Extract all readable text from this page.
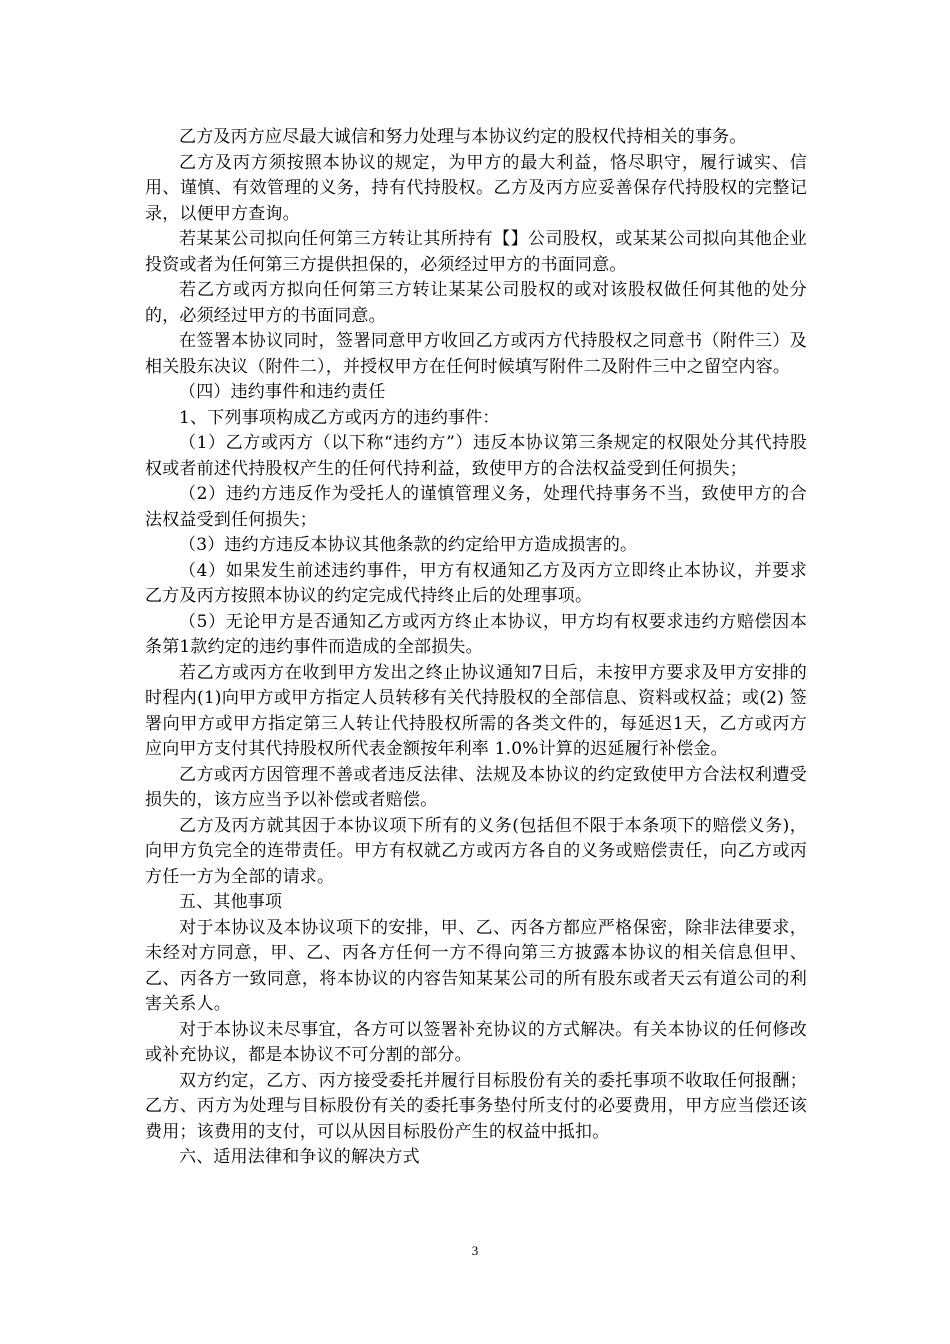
乙方及丙方应尽最大诚信和努力处理与本协议约定的股权代持相关的事务。

乙方及丙方须按照本协议的规定，为甲方的最大利益，恪尽职守，履行诚实、信用、谨慎、有效管理的义务，持有代持股权。乙方及丙方应妥善保存代持股权的完整记录，以便甲方查询。

若某某公司拟向任何第三方转让其所持有【】公司股权，或某某公司拟向其他企业投资或者为任何第三方提供担保的，必须经过甲方的书面同意。

若乙方或丙方拟向任何第三方转让某某公司股权的或对该股权做任何其他的处分的，必须经过甲方的书面同意。

在签署本协议同时，签署同意甲方收回乙方或丙方代持股权之同意书（附件三）及相关股东决议（附件二），并授权甲方在任何时候填写附件二及附件三中之留空内容。

（四）违约事件和违约责任

1、下列事项构成乙方或丙方的违约事件：

（1）乙方或丙方（以下称“违约方”）违反本协议第三条规定的权限处分其代持股权或者前述代持股权产生的任何代持利益，致使甲方的合法权益受到任何损失；

（2）违约方违反作为受托人的谨慎管理义务，处理代持事务不当，致使甲方的合法权益受到任何损失；

（3）违约方违反本协议其他条款的约定给甲方造成损害的。

（4）如果发生前述违约事件，甲方有权通知乙方及丙方立即终止本协议，并要求乙方及丙方按照本协议的约定完成代持终止后的处理事项。

（5）无论甲方是否通知乙方或丙方终止本协议，甲方均有权要求违约方赔偿因本条第1款约定的违约事件而造成的全部损失。

若乙方或丙方在收到甲方发出之终止协议通知7日后，未按甲方要求及甲方安排的时程内(1)向甲方或甲方指定人员转移有关代持股权的全部信息、资料或权益；或(2) 签署向甲方或甲方指定第三人转让代持股权所需的各类文件的，每延迟1天，乙方或丙方应向甲方支付其代持股权所代表金额按年利率 1.0%计算的迟延履行补偿金。

乙方或丙方因管理不善或者违反法律、法规及本协议的约定致使甲方合法权利遭受损失的，该方应当予以补偿或者赔偿。

乙方及丙方就其因于本协议项下所有的义务(包括但不限于本条项下的赔偿义务)，向甲方负完全的连带责任。甲方有权就乙方或丙方各自的义务或赔偿责任，向乙方或丙方任一方为全部的请求。

五、其他事项

对于本协议及本协议项下的安排，甲、乙、丙各方都应严格保密，除非法律要求，未经对方同意，甲、乙、丙各方任何一方不得向第三方披露本协议的相关信息但甲、乙、丙各方一致同意，将本协议的内容告知某某公司的所有股东或者天云有道公司的利害关系人。

对于本协议未尽事宜，各方可以签署补充协议的方式解决。有关本协议的任何修改或补充协议，都是本协议不可分割的部分。

双方约定，乙方、丙方接受委托并履行目标股份有关的委托事项不收取任何报酬；乙方、丙方为处理与目标股份有关的委托事务垫付所支付的必要费用，甲方应当偿还该费用；该费用的支付，可以从因目标股份产生的权益中抵扣。

六、适用法律和争议的解决方式

3
